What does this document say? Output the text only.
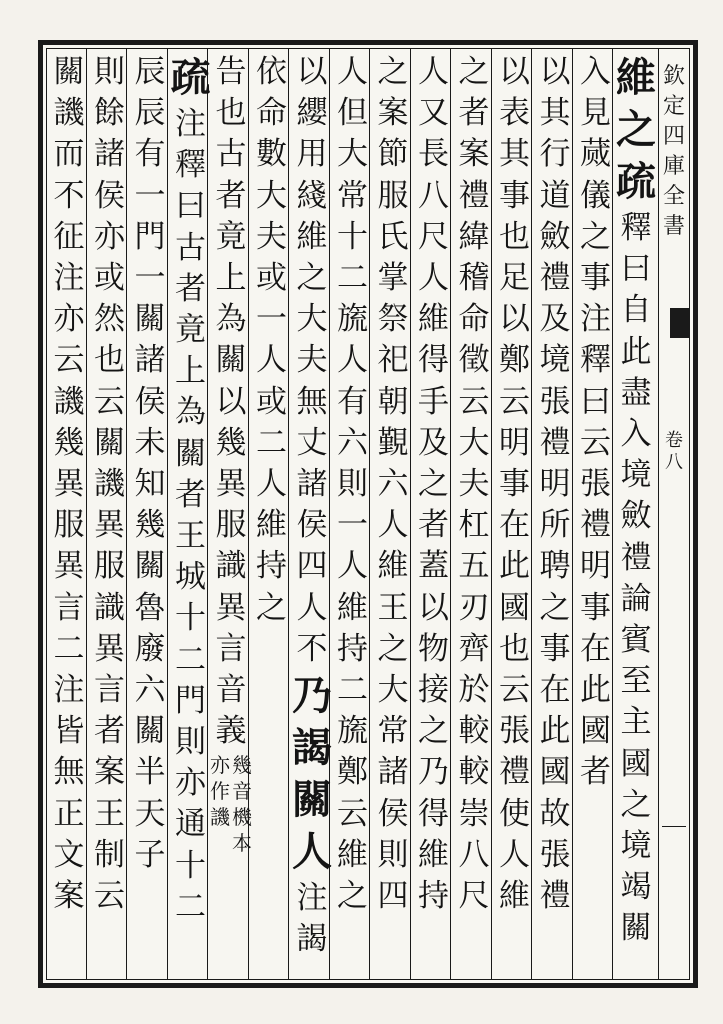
欽
定
四
庫
全
書
卷
八
維
之
疏
釋
曰
自
此
盡
入
境
斂
禮
論
賓
至
主
國
之
境
竭
關
入
見
蒇
儀
之
事
注
釋
曰
云
張
禮
明
事
在
此
國
者
以
其
行
道
斂
禮
及
境
張
禮
明
所
聘
之
事
在
此
國
故
張
禮
以
表
其
事
也
足
以
鄭
云
明
事
在
此
國
也
云
張
禮
使
人
維
之
者
案
禮
緯
稽
命
徵
云
大
夫
杠
五
刃
齊
於
較
較
崇
八
尺
人
又
長
八
尺
人
維
得
手
及
之
者
蓋
以
物
接
之
乃
得
維
持
之
案
節
服
氏
掌
祭
祀
朝
覲
六
人
維
王
之
大
常
諸
侯
則
四
人
但
大
常
十
二
旒
人
有
六
則
一
人
維
持
二
旒
鄭
云
維
之
以
纓
用
綫
維
之
大
夫
無
丈
諸
侯
四
人
不
乃
謁
關
人
注
謁
依
命
數
大
夫
或
一
人
或
二
人
維
持
之
告
也
古
者
竟
上
為
關
以
幾
異
服
識
異
言
音
義
幾
亦
音
作
機
譏
本
疏
注
釋
曰
古
者
竟
上
為
關
者
王
城
十
二
門
則
亦
通
十
二
辰
辰
有
一
門
一
關
諸
侯
未
知
幾
關
魯
廢
六
關
半
天
子
則
餘
諸
侯
亦
或
然
也
云
關
譏
異
服
識
異
言
者
案
王
制
云
關
譏
而
不
征
注
亦
云
譏
幾
異
服
異
言
二
注
皆
無
正
文
案
